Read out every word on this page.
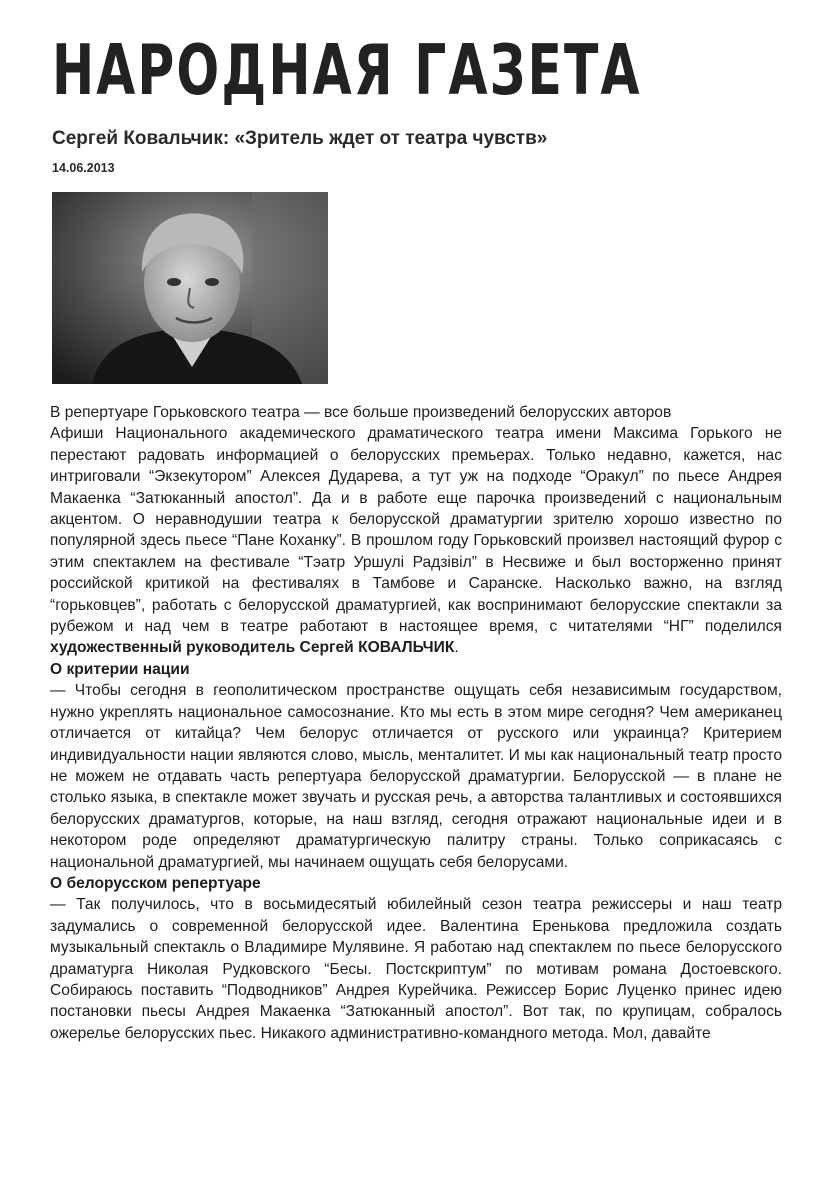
НАРОДНАЯ ГАЗЕТА
Сергей Ковальчик: «Зритель ждет от театра чувств»
14.06.2013

В репертуаре Горьковского театра — все больше произведений белорусских авторов

Афиши Национального академического драматического театра имени Максима Горького не перестают радовать информацией о белорусских премьерах. Только недавно, кажется, нас интриговали “Экзекутором” Алексея Дударева, а тут уж на подходе “Оракул” по пьесе Андрея Макаенка “Затюканный апостол”. Да и в работе еще парочка произведений с национальным акцентом. О неравнодушии театра к белорусской драматургии зрителю хорошо известно по популярной здесь пьесе “Пане Коханку”. В прошлом году Горьковский произвел настоящий фурор с этим спектаклем на фестивале “Тэатр Уршулі Радзівіл” в Несвиже и был восторженно принят российской критикой на фестивалях в Тамбове и Саранске. Насколько важно, на взгляд “горьковцев”, работать с белорусской драматургией, как воспринимают белорусские спектакли за рубежом и над чем в театре работают в настоящее время, с читателями “НГ” поделился художественный руководитель Сергей КОВАЛЬЧИК.

О критерии нации

— Чтобы сегодня в геополитическом пространстве ощущать себя независимым государством, нужно укреплять национальное самосознание. Кто мы есть в этом мире сегодня? Чем американец отличается от китайца? Чем белорус отличается от русского или украинца? Критерием индивидуальности нации являются слово, мысль, менталитет. И мы как национальный театр просто не можем не отдавать часть репертуара белорусской драматургии. Белорусской — в плане не столько языка, в спектакле может звучать и русская речь, а авторства талантливых и состоявшихся белорусских драматургов, которые, на наш взгляд, сегодня отражают национальные идеи и в некотором роде определяют драматургическую палитру страны. Только соприкасаясь с национальной драматургией, мы начинаем ощущать себя белорусами.

О белорусском репертуаре

— Так получилось, что в восьмидесятый юбилейный сезон театра режиссеры и наш театр задумались о современной белорусской идее. Валентина Еренькова предложила создать музыкальный спектакль о Владимире Мулявине. Я работаю над спектаклем по пьесе белорусского драматурга Николая Рудковского “Бесы. Постскриптум” по мотивам романа Достоевского. Собираюсь поставить “Подводников” Андрея Курейчика. Режиссер Борис Луценко принес идею постановки пьесы Андрея Макаенка “Затюканный апостол”. Вот так, по крупицам, собралось ожерелье белорусских пьес. Никакого административно-командного метода. Мол, давайте
